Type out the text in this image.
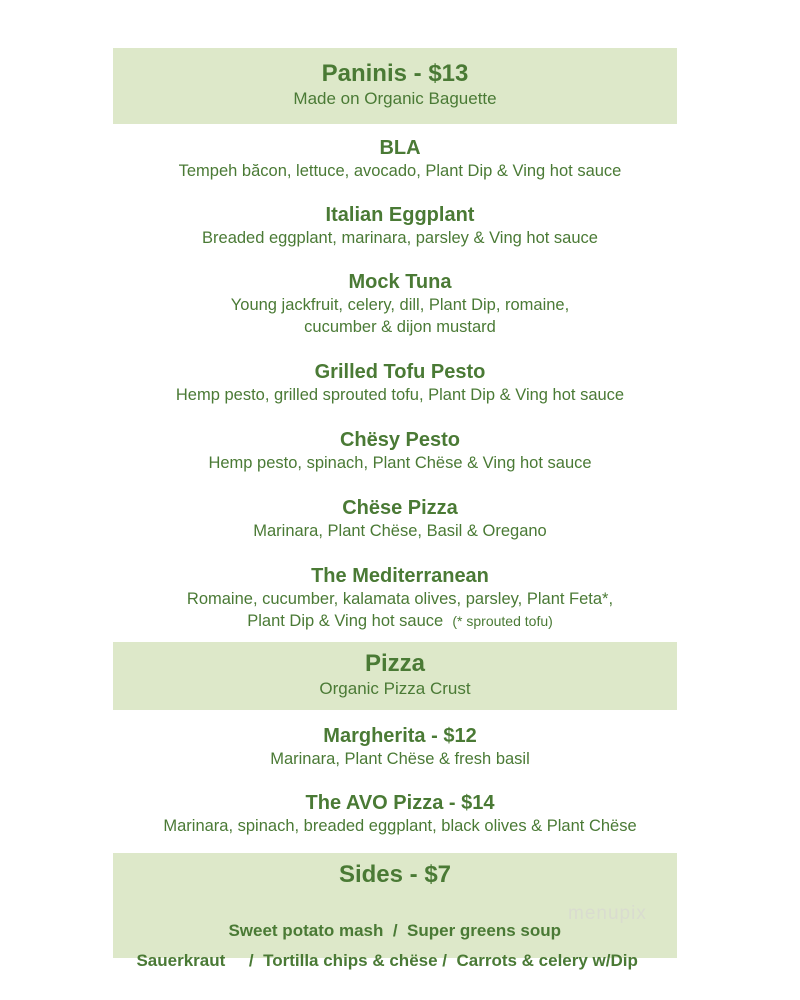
Paninis - $13
Made on Organic Baguette
BLA
Tempeh băcon, lettuce, avocado, Plant Dip & Ving hot sauce
Italian Eggplant
Breaded eggplant, marinara, parsley & Ving hot sauce
Mock Tuna
Young jackfruit, celery, dill, Plant Dip, romaine,
cucumber & dijon mustard
Grilled Tofu Pesto
Hemp pesto, grilled sprouted tofu, Plant Dip & Ving hot sauce
Chësy Pesto
Hemp pesto, spinach, Plant Chëse & Ving hot sauce
Chëse Pizza
Marinara, Plant Chëse, Basil & Oregano
The Mediterranean
Romaine, cucumber, kalamata olives, parsley, Plant Feta*,
Plant Dip & Ving hot sauce (* sprouted tofu)
Pizza
Organic Pizza Crust
Margherita - $12
Marinara, Plant Chëse & fresh basil
The AVO Pizza - $14
Marinara, spinach, breaded eggplant, black olives & Plant Chëse
Sides - $7

Sweet potato mash / Super greens soup

Sauerkraut / Tortilla chips & chëse / Carrots & celery w/Dip

menupix
